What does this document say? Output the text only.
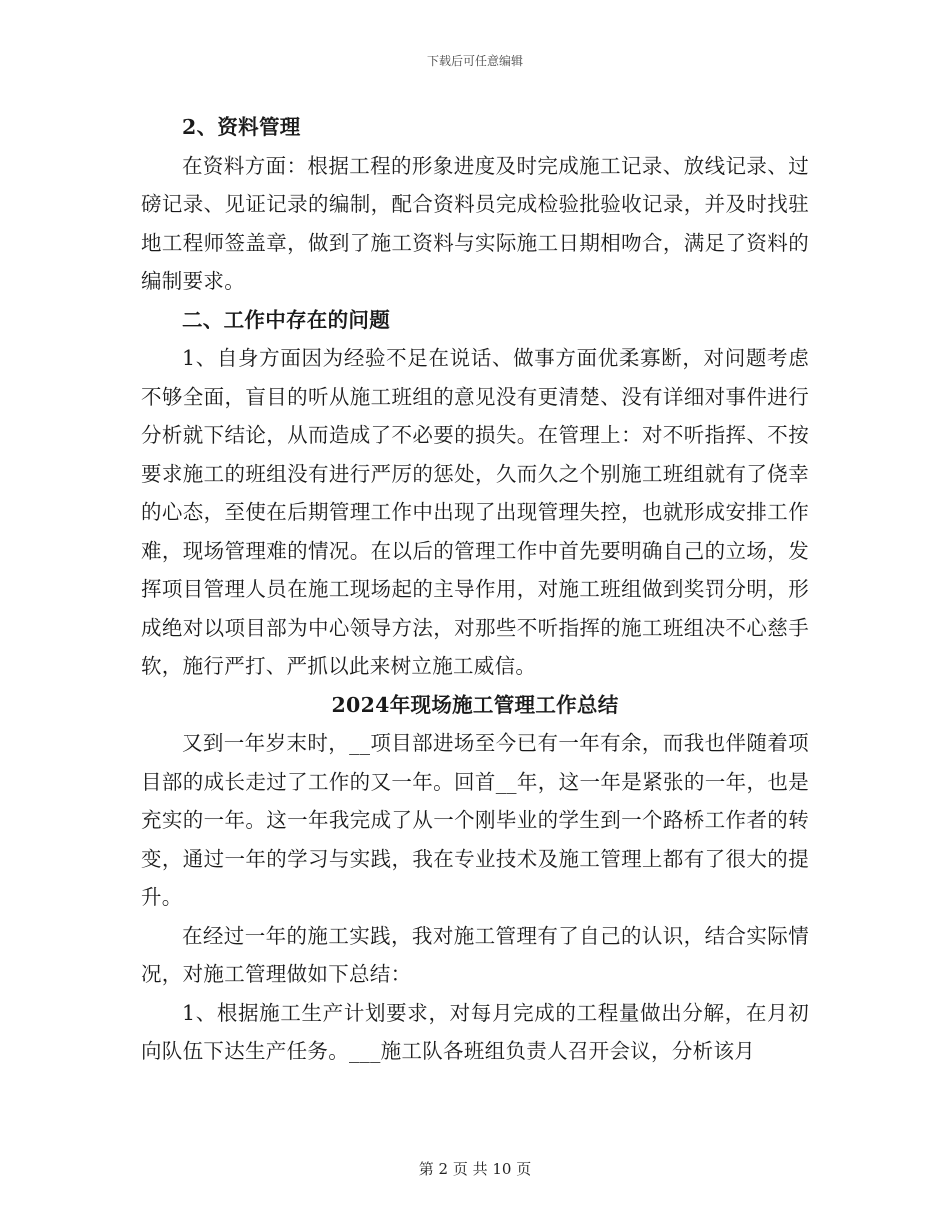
下载后可任意编辑

2、资料管理

在资料方面：根据工程的形象进度及时完成施工记录、放线记录、过磅记录、见证记录的编制，配合资料员完成检验批验收记录，并及时找驻地工程师签盖章，做到了施工资料与实际施工日期相吻合，满足了资料的编制要求。

二、工作中存在的问题

1、自身方面因为经验不足在说话、做事方面优柔寡断，对问题考虑不够全面，盲目的听从施工班组的意见没有更清楚、没有详细对事件进行分析就下结论，从而造成了不必要的损失。在管理上：对不听指挥、不按要求施工的班组没有进行严厉的惩处，久而久之个别施工班组就有了侥幸的心态，至使在后期管理工作中出现了出现管理失控，也就形成安排工作难，现场管理难的情况。在以后的管理工作中首先要明确自己的立场，发挥项目管理人员在施工现场起的主导作用，对施工班组做到奖罚分明，形成绝对以项目部为中心领导方法，对那些不听指挥的施工班组决不心慈手软，施行严打、严抓以此来树立施工威信。

2024年现场施工管理工作总结

又到一年岁末时，__项目部进场至今已有一年有余，而我也伴随着项目部的成长走过了工作的又一年。回首__年，这一年是紧张的一年，也是充实的一年。这一年我完成了从一个刚毕业的学生到一个路桥工作者的转变，通过一年的学习与实践，我在专业技术及施工管理上都有了很大的提升。

在经过一年的施工实践，我对施工管理有了自己的认识，结合实际情况，对施工管理做如下总结：

1、根据施工生产计划要求，对每月完成的工程量做出分解，在月初向队伍下达生产任务。___施工队各班组负责人召开会议，分析该月

第 2 页 共 10 页
